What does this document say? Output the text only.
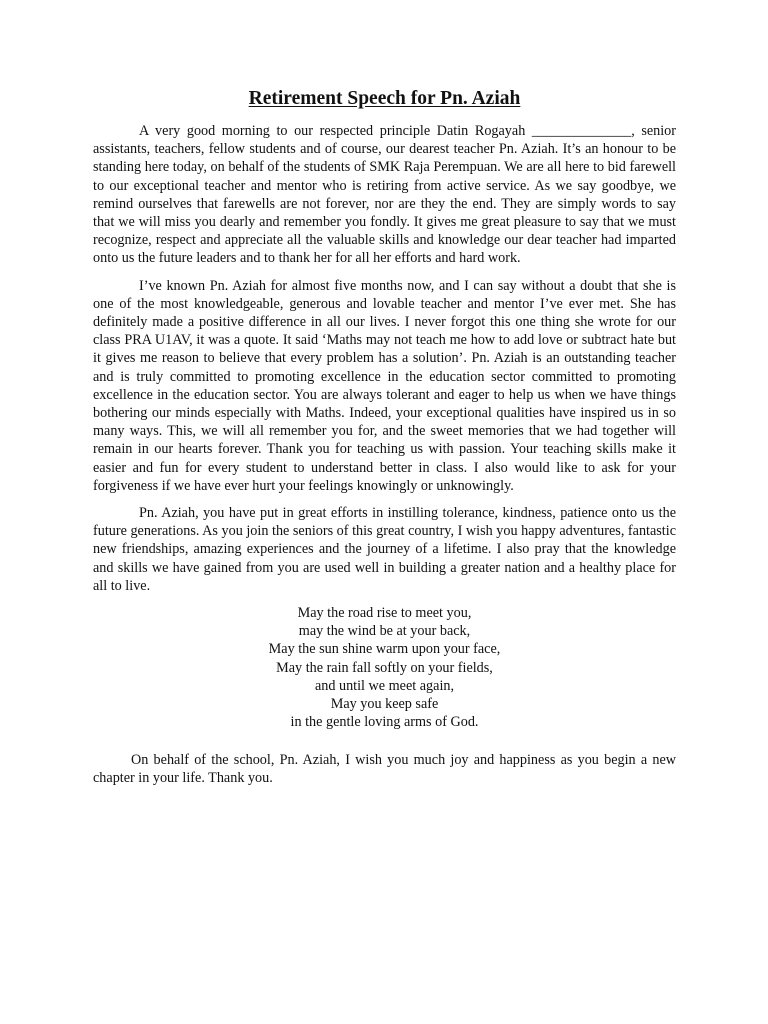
Retirement Speech for Pn. Aziah

A very good morning to our respected principle Datin Rogayah ______________, senior assistants, teachers, fellow students and of course, our dearest teacher Pn. Aziah. It’s an honour to be standing here today, on behalf of the students of SMK Raja Perempuan. We are all here to bid farewell to our exceptional teacher and mentor who is retiring from active service. As we say goodbye, we remind ourselves that farewells are not forever, nor are they the end. They are simply words to say that we will miss you dearly and remember you fondly. It gives me great pleasure to say that we must recognize, respect and appreciate all the valuable skills and knowledge our dear teacher had imparted onto us the future leaders and to thank her for all her efforts and hard work.

I’ve known Pn. Aziah for almost five months now, and I can say without a doubt that she is one of the most knowledgeable, generous and lovable teacher and mentor I’ve ever met. She has definitely made a positive difference in all our lives. I never forgot this one thing she wrote for our class PRA U1AV, it was a quote. It said ‘Maths may not teach me how to add love or subtract hate but it gives me reason to believe that every problem has a solution’. Pn. Aziah is an outstanding teacher and is truly committed to promoting excellence in the education sector committed to promoting excellence in the education sector. You are always tolerant and eager to help us when we have things bothering our minds especially with Maths. Indeed, your exceptional qualities have inspired us in so many ways. This, we will all remember you for, and the sweet memories that we had together will remain in our hearts forever. Thank you for teaching us with passion. Your teaching skills make it easier and fun for every student to understand better in class. I also would like to ask for your forgiveness if we have ever hurt your feelings knowingly or unknowingly.

Pn. Aziah, you have put in great efforts in instilling tolerance, kindness, patience onto us the future generations. As you join the seniors of this great country, I wish you happy adventures, fantastic new friendships, amazing experiences and the journey of a lifetime. I also pray that the knowledge and skills we have gained from you are used well in building a greater nation and a healthy place for all to live.

May the road rise to meet you,
may the wind be at your back,
May the sun shine warm upon your face,
May the rain fall softly on your fields,
and until we meet again,
May you keep safe
in the gentle loving arms of God.

On behalf of the school, Pn. Aziah, I wish you much joy and happiness as you begin a new chapter in your life. Thank you.
